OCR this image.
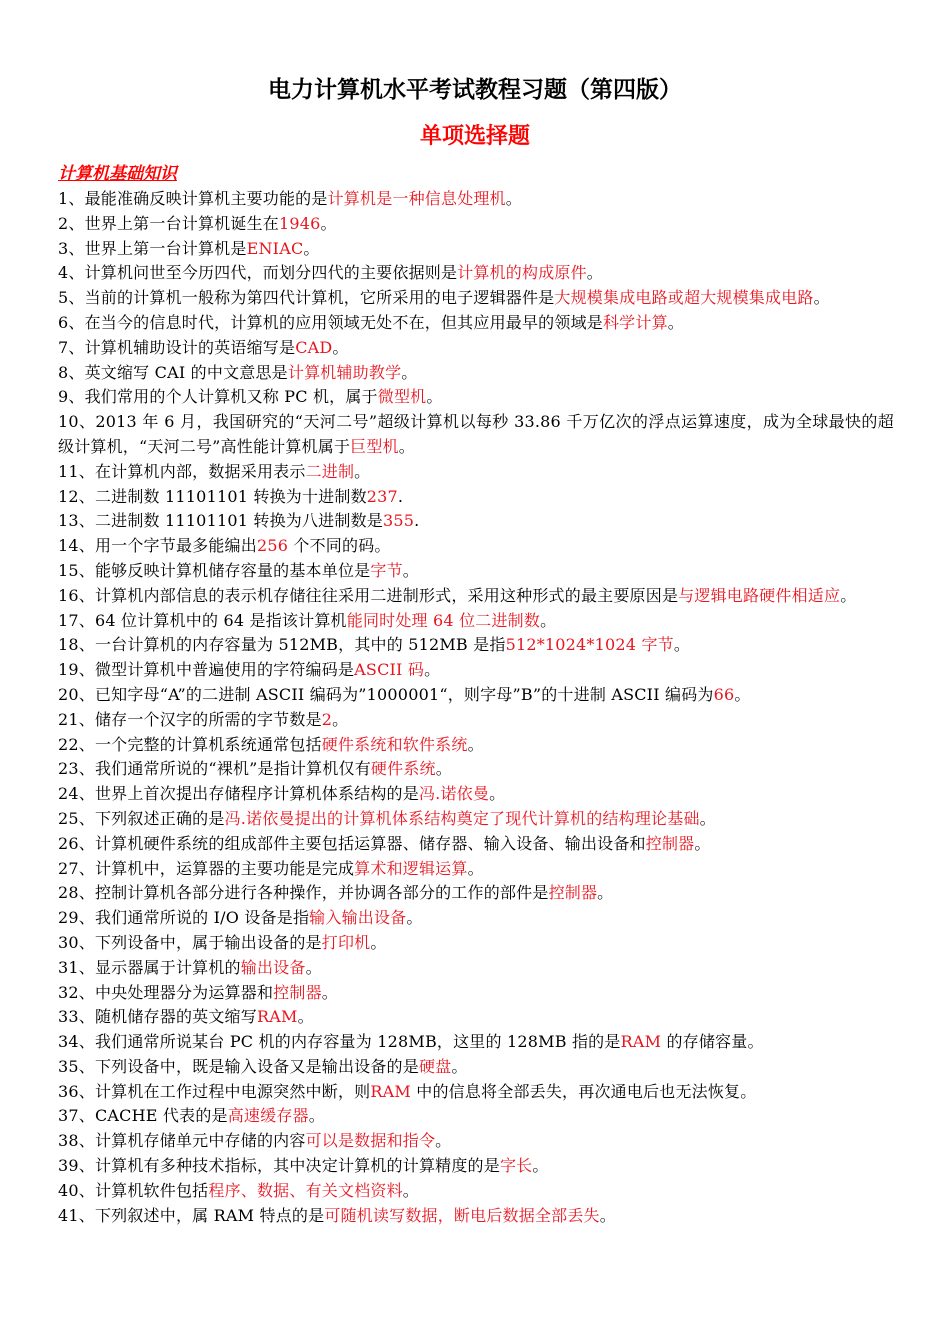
电力计算机水平考试教程习题（第四版）
单项选择题
计算机基础知识
1、最能准确反映计算机主要功能的是计算机是一种信息处理机。
2、世界上第一台计算机诞生在1946。
3、世界上第一台计算机是ENIAC。
4、计算机问世至今历四代，而划分四代的主要依据则是计算机的构成原件。
5、当前的计算机一般称为第四代计算机，它所采用的电子逻辑器件是大规模集成电路或超大规模集成电路。
6、在当今的信息时代，计算机的应用领域无处不在，但其应用最早的领域是科学计算。
7、计算机辅助设计的英语缩写是CAD。
8、英文缩写 CAI 的中文意思是计算机辅助教学。
9、我们常用的个人计算机又称 PC 机，属于微型机。
10、2013 年 6 月，我国研究的“天河二号”超级计算机以每秒 33.86 千万亿次的浮点运算速度，成为全球最快的超级计算机，“天河二号”高性能计算机属于巨型机。
11、在计算机内部，数据采用表示二进制。
12、二进制数 11101101 转换为十进制数237.
13、二进制数 11101101 转换为八进制数是355.
14、用一个字节最多能编出256 个不同的码。
15、能够反映计算机储存容量的基本单位是字节。
16、计算机内部信息的表示机存储往往采用二进制形式，采用这种形式的最主要原因是与逻辑电路硬件相适应。
17、64 位计算机中的 64 是指该计算机能同时处理 64 位二进制数。
18、一台计算机的内存容量为 512MB，其中的 512MB 是指512*1024*1024 字节。
19、微型计算机中普遍使用的字符编码是ASCII 码。
20、已知字母“A”的二进制 ASCII 编码为”1000001“，则字母”B”的十进制 ASCII 编码为66。
21、储存一个汉字的所需的字节数是2。
22、一个完整的计算机系统通常包括硬件系统和软件系统。
23、我们通常所说的“裸机”是指计算机仅有硬件系统。
24、世界上首次提出存储程序计算机体系结构的是冯.诺依曼。
25、下列叙述正确的是冯.诺依曼提出的计算机体系结构奠定了现代计算机的结构理论基础。
26、计算机硬件系统的组成部件主要包括运算器、储存器、输入设备、输出设备和控制器。
27、计算机中，运算器的主要功能是完成算术和逻辑运算。
28、控制计算机各部分进行各种操作，并协调各部分的工作的部件是控制器。
29、我们通常所说的 I/O 设备是指输入输出设备。
30、下列设备中，属于输出设备的是打印机。
31、显示器属于计算机的输出设备。
32、中央处理器分为运算器和控制器。
33、随机储存器的英文缩写RAM。
34、我们通常所说某台 PC 机的内存容量为 128MB，这里的 128MB 指的是RAM 的存储容量。
35、下列设备中，既是输入设备又是输出设备的是硬盘。
36、计算机在工作过程中电源突然中断，则RAM 中的信息将全部丢失，再次通电后也无法恢复。
37、CACHE 代表的是高速缓存器。
38、计算机存储单元中存储的内容可以是数据和指令。
39、计算机有多种技术指标，其中决定计算机的计算精度的是字长。
40、计算机软件包括程序、数据、有关文档资料。
41、下列叙述中，属 RAM 特点的是可随机读写数据，断电后数据全部丢失。
